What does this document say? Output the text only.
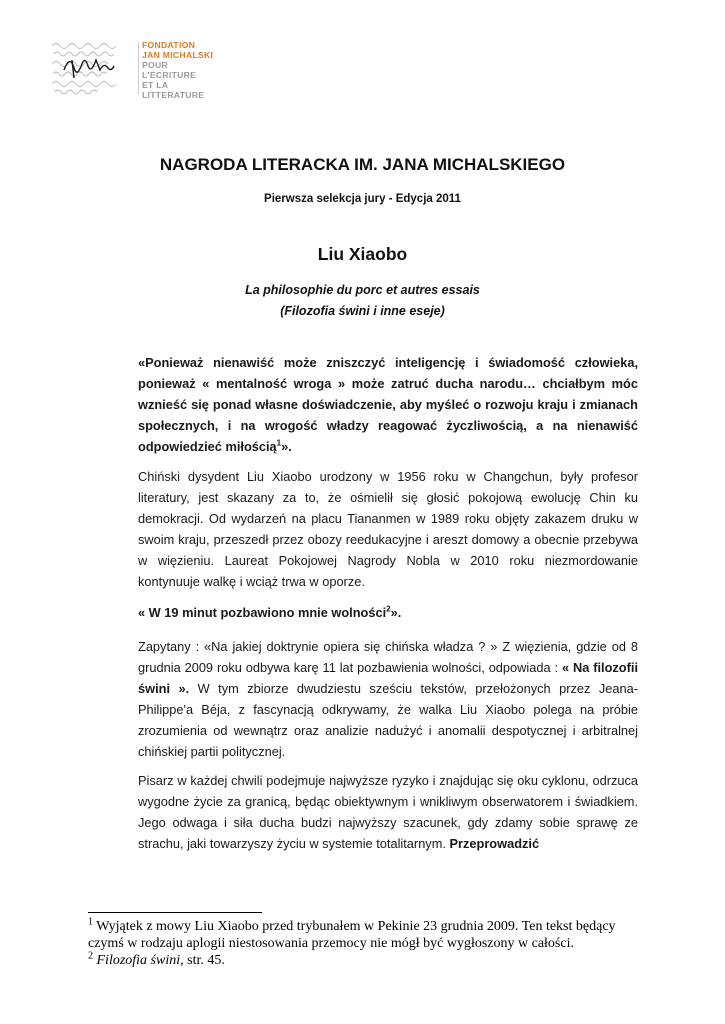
FONDATION
JAN MICHALSKI
POUR
L'ECRITURE
ET LA
LITTERATURE
NAGRODA LITERACKA IM. JANA MICHALSKIEGO
Pierwsza selekcja jury - Edycja 2011
Liu Xiaobo
La philosophie du porc et autres essais
(Filozofia świni i inne eseje)
«Ponieważ nienawiść może zniszczyć inteligencję i świadomość człowieka, ponieważ « mentalność wroga » może zatruć ducha narodu… chciałbym móc wznieść się ponad własne doświadczenie, aby myśleć o rozwoju kraju i zmianach społecznych, i na wrogość władzy reagować życzliwością, a na nienawiść odpowiedzieć miłością$^1$».
Chiński dysydent Liu Xiaobo urodzony w 1956 roku w Changchun, były profesor literatury, jest skazany za to, że ośmielił się głosić pokojową ewolucję Chin ku demokracji. Od wydarzeń na placu Tiananmen w 1989 roku objęty zakazem druku w swoim kraju, przeszedł przez obozy reedukacyjne i areszt domowy a obecnie przebywa w więzieniu. Laureat Pokojowej Nagrody Nobla w 2010 roku niezmordowanie kontynuuje walkę i wciąż trwa w oporze.
« W 19 minut pozbawiono mnie wolności$^2$».
Zapytany : «Na jakiej doktrynie opiera się chińska władza ? » Z więzienia, gdzie od 8 grudnia 2009 roku odbywa karę 11 lat pozbawienia wolności, odpowiada : « Na filozofii świni ». W tym zbiorze dwudziestu sześciu tekstów, przełożonych przez Jeana-Philippe'a Béja, z fascynacją odkrywamy, że walka Liu Xiaobo polega na próbie zrozumienia od wewnątrz oraz analizie nadużyć i anomalii despotycznej i arbitralnej chińskiej partii politycznej.
Pisarz w każdej chwili podejmuje najwyższe ryzyko i znajdując się oku cyklonu, odrzuca wygodne życie za granicą, będąc obiektywnym i wnikliwym obserwatorem i świadkiem. Jego odwaga i siła ducha budzi najwyższy szacunek, gdy zdamy sobie sprawę ze strachu, jaki towarzyszy życiu w systemie totalitarnym. Przeprowadzić
$^1$ Wyjątek z mowy Liu Xiaobo przed trybunałem w Pekinie 23 grudnia 2009. Ten tekst będący czymś w rodzaju aplogii niestosowania przemocy nie mógł być wygłoszony w całości.
$^2$ Filozofia świni, str. 45.
